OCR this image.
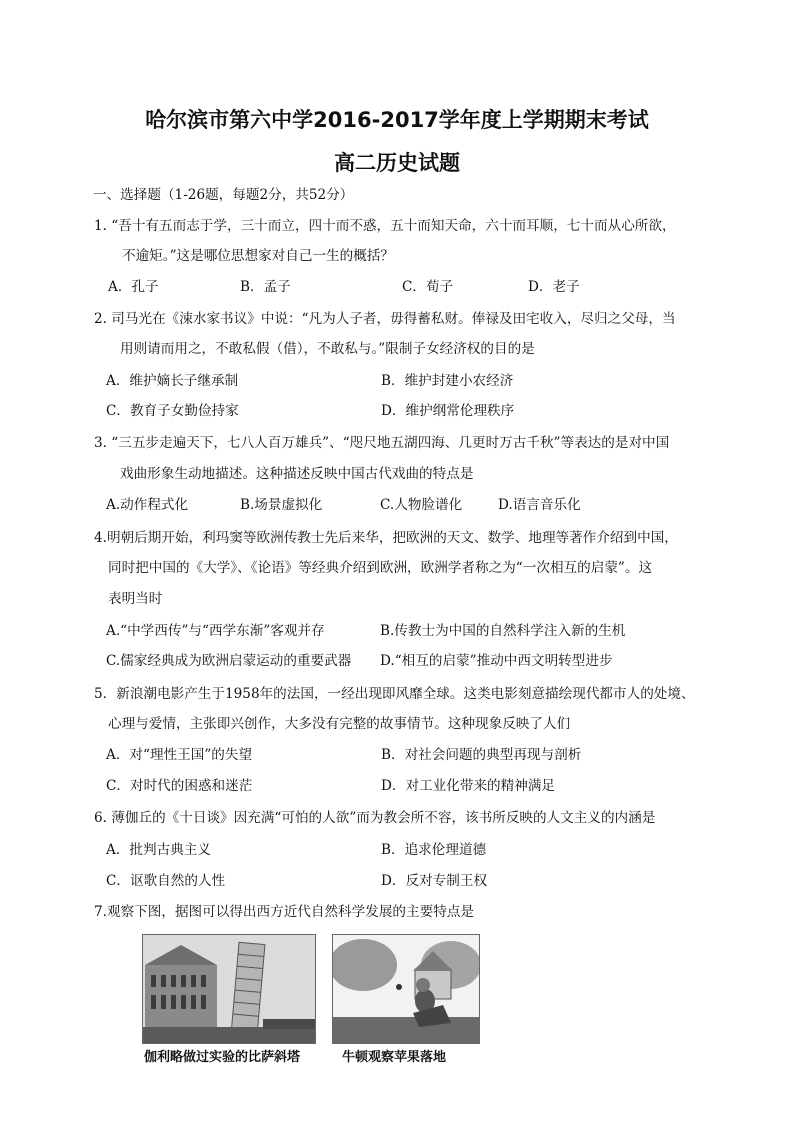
哈尔滨市第六中学2016-2017学年度上学期期末考试
高二历史试题
一、选择题（1-26题，每题2分，共52分）
1. “吾十有五而志于学，三十而立，四十而不惑，五十而知天命，六十而耳顺，七十而从心所欲，
不逾矩。”这是哪位思想家对自己一生的概括？
A．孔子	B．孟子	C．荀子	D．老子
2. 司马光在《涑水家书议》中说：“凡为人子者，毋得蓄私财。俸禄及田宅收入，尽归之父母，当
用则请而用之，不敢私假（借），不敢私与。”限制子女经济权的目的是
A．维护嫡长子继承制	B．维护封建小农经济
C．教育子女勤俭持家	D．维护纲常伦理秩序
3. “三五步走遍天下，七八人百万雄兵”、“咫尺地五湖四海、几更时万古千秋”等表达的是对中国
戏曲形象生动地描述。这种描述反映中国古代戏曲的特点是
A.动作程式化	B.场景虚拟化	C.人物脸谱化	D.语言音乐化
4.明朝后期开始，利玛窦等欧洲传教士先后来华，把欧洲的天文、数学、地理等著作介绍到中国，
同时把中国的《大学》、《论语》等经典介绍到欧洲，欧洲学者称之为“一次相互的启蒙”。这
表明当时
A.“中学西传”与“西学东渐”客观并存	B.传教士为中国的自然科学注入新的生机
C.儒家经典成为欧洲启蒙运动的重要武器 D.“相互的启蒙”推动中西文明转型进步
5．新浪潮电影产生于1958年的法国，一经出现即风靡全球。这类电影刻意描绘现代都市人的处境、
心理与爱情，主张即兴创作，大多没有完整的故事情节。这种现象反映了人们
A．对“理性王国”的失望	B．对社会问题的典型再现与剖析
C．对时代的困惑和迷茫	D．对工业化带来的精神满足
6. 薄伽丘的《十日谈》因充满“可怕的人欲”而为教会所不容，该书所反映的人文主义的内涵是
A．批判古典主义	B．追求伦理道德
C．讴歌自然的人性	D．反对专制王权
7.观察下图，据图可以得出西方近代自然科学发展的主要特点是
伽利略做过实验的比萨斜塔	牛顿观察苹果落地
